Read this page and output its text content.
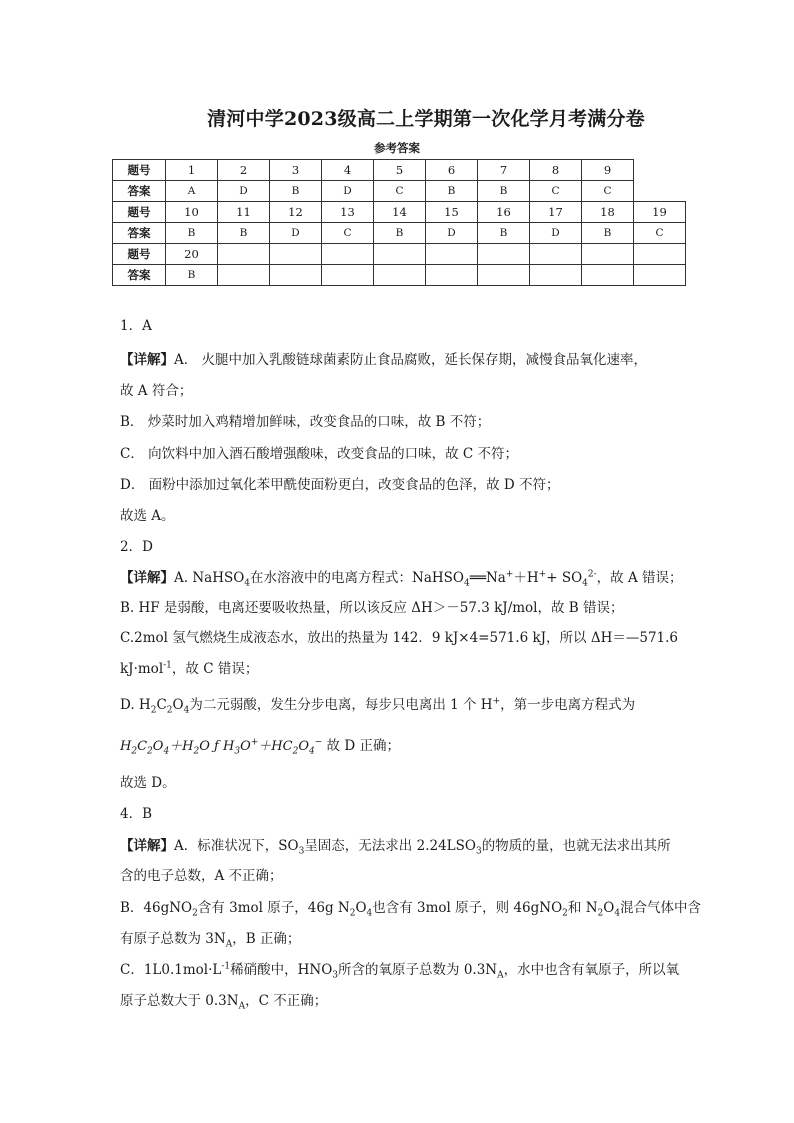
清河中学2023级高二上学期第一次化学月考满分卷
参考答案
题号	1	2	3	4	5	6	7	8	9	
答案	A	D	B	D	C	B	B	C	C	
题号	10	11	12	13	14	15	16	17	18	19
答案	B	B	D	C	B	D	B	D	B	C
题号	20									
答案	B									
1．A
【详解】A． 火腿中加入乳酸链球菌素防止食品腐败，延长保存期，减慢食品氧化速率，
故 A 符合；
B． 炒菜时加入鸡精增加鲜味，改变食品的口味，故 B 不符；
C． 向饮料中加入酒石酸增强酸味，改变食品的口味，故 C 不符；
D． 面粉中添加过氧化苯甲酰使面粉更白，改变食品的色泽，故 D 不符；
故选 A。
2．D
【详解】A. NaHSO$_4$在水溶液中的电离方程式：NaHSO$_4$══Na+＋H++ $SO_4^{2-}$，故 A 错误；
B. HF 是弱酸，电离还要吸收热量，所以该反应 ΔH＞－57.3 kJ/mol，故 B 错误；
C.2mol 氢气燃烧生成液态水，放出的热量为 142．9 kJ×4=571.6 kJ，所以 ΔH＝—571.6
kJ·mol$^{-1}$，故 C 错误；
D. $H_2C_2O_4$为二元弱酸，发生分步电离，每步只电离出 1 个 H+，第一步电离方程式为
$H_2C_2O_4+H_2O$ ƒ $H_3O^++HC_2O_4^-$ 故 D 正确；
故选 D。
4．B
【详解】A．标准状况下，$SO_3$呈固态，无法求出 $2.24LSO_3$的物质的量，也就无法求出其所
含的电子总数，A 不正确；
B．46gNO$_2$含有 3mol 原子，46g $N_2O_4$也含有 3mol 原子，则 46gNO$_2$和 $N_2O_4$混合气体中含
有原子总数为 $3N_A$，B 正确；
C．$1L0.1mol\cdot L^{-1}$稀硝酸中，$HNO_3$所含的氧原子总数为 $0.3N_A$，水中也含有氧原子，所以氧
原子总数大于 $0.3N_A$，C 不正确；
